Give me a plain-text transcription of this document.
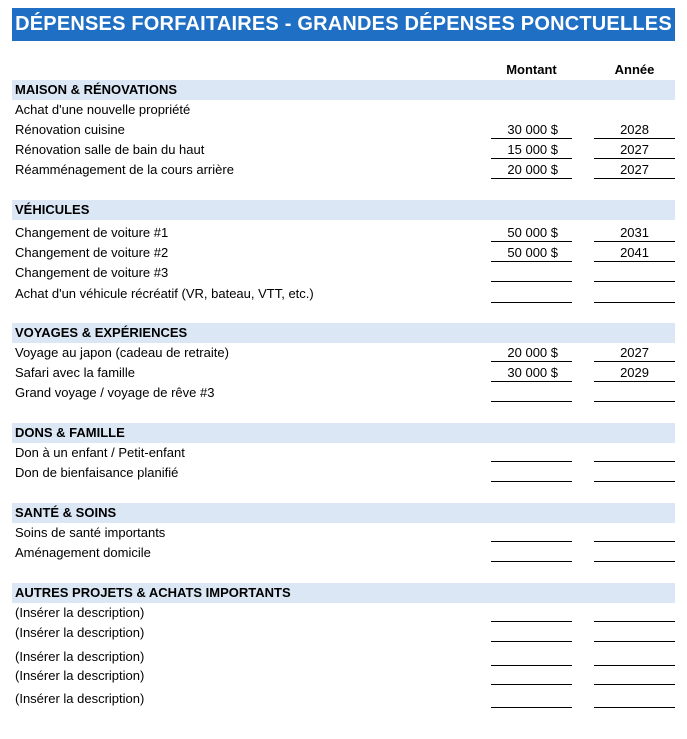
DÉPENSES FORFAITAIRES - GRANDES DÉPENSES PONCTUELLES
Montant	Année
MAISON & RÉNOVATIONS
Achat d'une nouvelle propriété
Rénovation cuisine	30 000 $	2028
Rénovation salle de bain du haut	15 000 $	2027
Réamménagement de la cours arrière	20 000 $	2027
VÉHICULES
Changement de voiture #1	50 000 $	2031
Changement de voiture #2	50 000 $	2041
Changement de voiture #3
Achat d'un véhicule récréatif (VR, bateau, VTT, etc.)
VOYAGES & EXPÉRIENCES
Voyage au japon (cadeau de retraite)	20 000 $	2027
Safari avec la famille	30 000 $	2029
Grand voyage / voyage de rêve #3
DONS & FAMILLE
Don à un enfant / Petit-enfant
Don de bienfaisance planifié
SANTÉ & SOINS
Soins de santé importants
Aménagement domicile
AUTRES PROJETS & ACHATS IMPORTANTS
(Insérer la description)
(Insérer la description)
(Insérer la description)
(Insérer la description)
(Insérer la description)
